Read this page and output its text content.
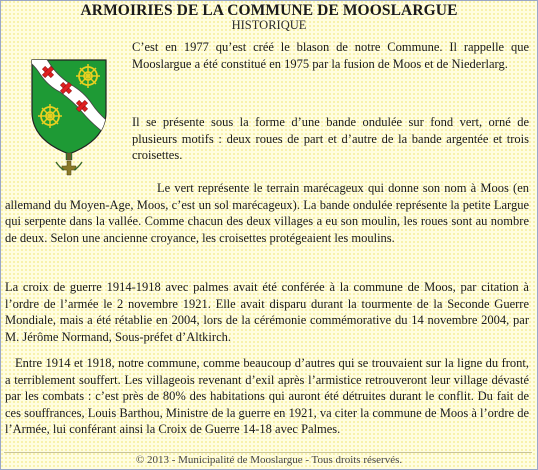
ARMOIRIES DE LA COMMUNE DE MOOSLARGUE
HISTORIQUE

C’est en 1977 qu’est créé le blason de notre Commune. Il rappelle que Mooslargue a été constitué en 1975 par la fusion de Moos et de Niederlarg.

Il se présente sous la forme d’une bande ondulée sur fond vert, orné de plusieurs motifs : deux roues de part et d’autre de la bande argentée et trois croisettes.

Le vert représente le terrain marécageux qui donne son nom à Moos (en allemand du Moyen-Age, Moos, c’est un sol marécageux). La bande ondulée représente la petite Largue qui serpente dans la vallée. Comme chacun des deux villages a eu son moulin, les roues sont au nombre de deux. Selon une ancienne croyance, les croisettes protégeaient les moulins.

La croix de guerre 1914-1918 avec palmes avait été conférée à la commune de Moos, par citation à l’ordre de l’armée le 2 novembre 1921. Elle avait disparu durant la tourmente de la Seconde Guerre Mondiale, mais a été rétablie en 2004, lors de la cérémonie commémorative du 14 novembre 2004, par M. Jérôme Normand, Sous-préfet d’Altkirch.

Entre 1914 et 1918, notre commune, comme beaucoup d’autres qui se trouvaient sur la ligne du front, a terriblement souffert. Les villageois revenant d’exil après l’armistice retrouveront leur village dévasté par les combats : c’est près de 80% des habitations qui auront été détruites durant le conflit. Du fait de ces souffrances, Louis Barthou, Ministre de la guerre en 1921, va citer la commune de Moos à l’ordre de l’Armée, lui conférant ainsi la Croix de Guerre 14-18 avec Palmes.

© 2013 - Municipalité de Mooslargue - Tous droits réservés.
